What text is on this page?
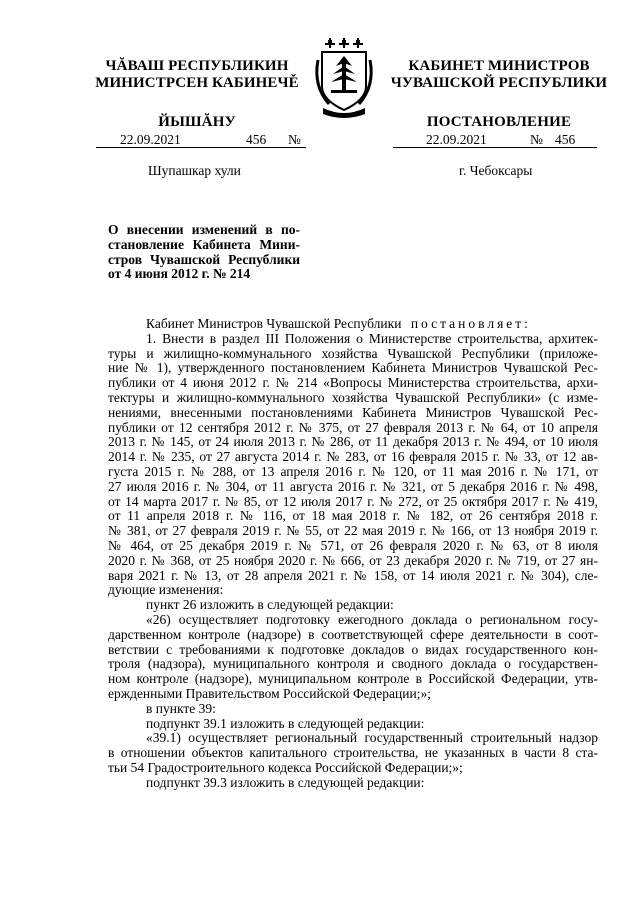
ЧĂВАШ РЕСПУБЛИКИН
МИНИСТРСЕН КАБИНЕЧĚ
ЙЫШĂНУ
КАБИНЕТ МИНИСТРОВ
ЧУВАШСКОЙ РЕСПУБЛИКИ
ПОСТАНОВЛЕНИЕ
22.09.2021	456 №	22.09.2021	№ 456
Шупашкар хули	г. Чебоксары
О внесении изменений в по-
становление Кабинета Мини-
стров Чувашской Республики
от 4 июня 2012 г. № 214
Кабинет Министров Чувашской Республики постановляет:
1. Внести в раздел III Положения о Министерстве строительства, архитек-
туры и жилищно-коммунального хозяйства Чувашской Республики (приложе-
ние № 1), утвержденного постановлением Кабинета Министров Чувашской Рес-
публики от 4 июня 2012 г. № 214 «Вопросы Министерства строительства, архи-
тектуры и жилищно-коммунального хозяйства Чувашской Республики» (с изме-
нениями, внесенными постановлениями Кабинета Министров Чувашской Рес-
публики от 12 сентября 2012 г. № 375, от 27 февраля 2013 г. № 64, от 10 апреля
2013 г. № 145, от 24 июля 2013 г. № 286, от 11 декабря 2013 г. № 494, от 10 июля
2014 г. № 235, от 27 августа 2014 г. № 283, от 16 февраля 2015 г. № 33, от 12 ав-
густа 2015 г. № 288, от 13 апреля 2016 г. № 120, от 11 мая 2016 г. № 171, от
27 июля 2016 г. № 304, от 11 августа 2016 г. № 321, от 5 декабря 2016 г. № 498,
от 14 марта 2017 г. № 85, от 12 июля 2017 г. № 272, от 25 октября 2017 г. № 419,
от 11 апреля 2018 г. № 116, от 18 мая 2018 г. № 182, от 26 сентября 2018 г.
№ 381, от 27 февраля 2019 г. № 55, от 22 мая 2019 г. № 166, от 13 ноября 2019 г.
№ 464, от 25 декабря 2019 г. № 571, от 26 февраля 2020 г. № 63, от 8 июля
2020 г. № 368, от 25 ноября 2020 г. № 666, от 23 декабря 2020 г. № 719, от 27 ян-
варя 2021 г. № 13, от 28 апреля 2021 г. № 158, от 14 июля 2021 г. № 304), сле-
дующие изменения:
пункт 26 изложить в следующей редакции:
«26) осуществляет подготовку ежегодного доклада о региональном госу-
дарственном контроле (надзоре) в соответствующей сфере деятельности в соот-
ветствии с требованиями к подготовке докладов о видах государственного кон-
троля (надзора), муниципального контроля и сводного доклада о государствен-
ном контроле (надзоре), муниципальном контроле в Российской Федерации, утв-
ержденными Правительством Российской Федерации;»;
в пункте 39:
подпункт 39.1 изложить в следующей редакции:
«39.1) осуществляет региональный государственный строительный надзор
в отношении объектов капитального строительства, не указанных в части 8 ста-
тьи 54 Градостроительного кодекса Российской Федерации;»;
подпункт 39.3 изложить в следующей редакции:
